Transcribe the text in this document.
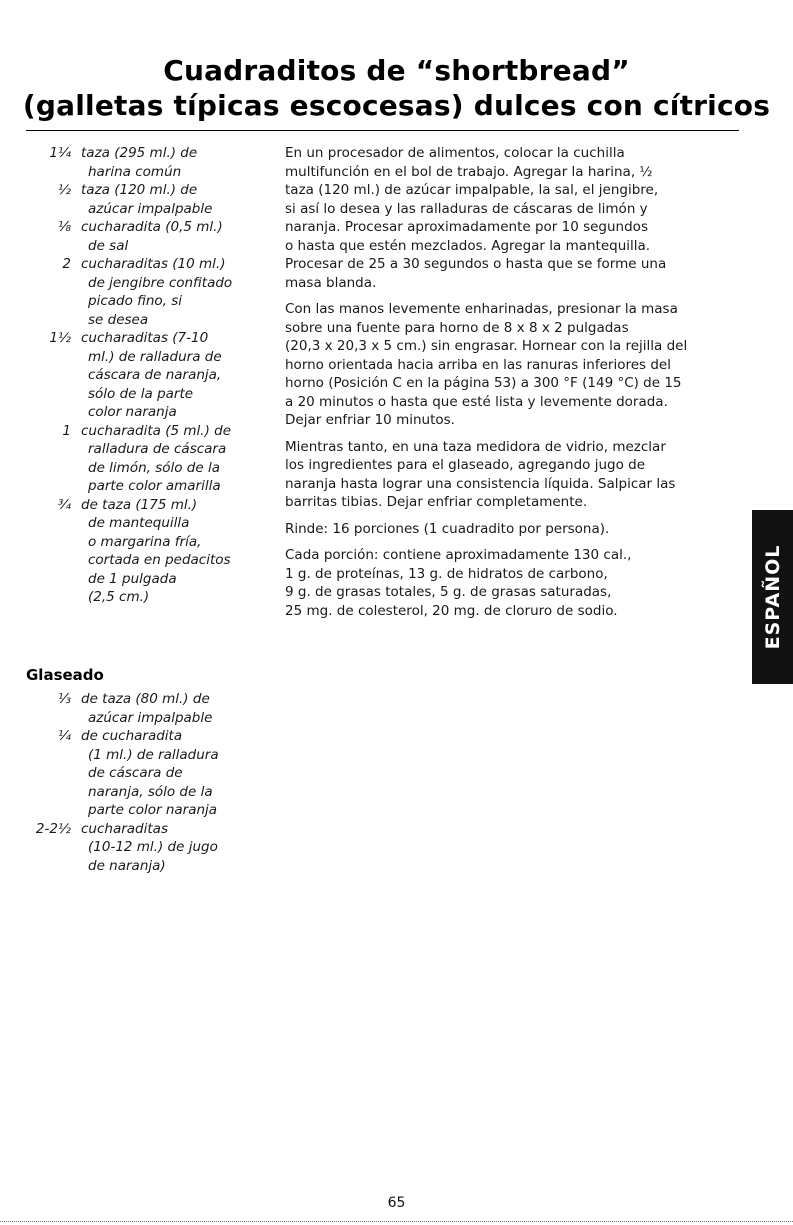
Cuadraditos de “shortbread”
(galletas típicas escocesas) dulces con cítricos
1¼ taza (295 ml.) de
harina común
½ taza (120 ml.) de
azúcar impalpable
⅛ cucharadita (0,5 ml.)
de sal
2 cucharaditas (10 ml.)
de jengibre confitado
picado fino, si
se desea
1½ cucharaditas (7-10
ml.) de ralladura de
cáscara de naranja,
sólo de la parte
color naranja
1 cucharadita (5 ml.) de
ralladura de cáscara
de limón, sólo de la
parte color amarilla
¾ de taza (175 ml.)
de mantequilla
o margarina fría,
cortada en pedacitos
de 1 pulgada
(2,5 cm.)
Glaseado
⅓ de taza (80 ml.) de
azúcar impalpable
¼ de cucharadita
(1 ml.) de ralladura
de cáscara de
naranja, sólo de la
parte color naranja
2-2½ cucharaditas
(10-12 ml.) de jugo
de naranja)
En un procesador de alimentos, colocar la cuchilla
multifunción en el bol de trabajo. Agregar la harina, ½
taza (120 ml.) de azúcar impalpable, la sal, el jengibre,
si así lo desea y las ralladuras de cáscaras de limón y
naranja. Procesar aproximadamente por 10 segundos
o hasta que estén mezclados. Agregar la mantequilla.
Procesar de 25 a 30 segundos o hasta que se forme una
masa blanda.
Con las manos levemente enharinadas, presionar la masa
sobre una fuente para horno de 8 x 8 x 2 pulgadas
(20,3 x 20,3 x 5 cm.) sin engrasar. Hornear con la rejilla del
horno orientada hacia arriba en las ranuras inferiores del
horno (Posición C en la página 53) a 300 °F (149 °C) de 15
a 20 minutos o hasta que esté lista y levemente dorada.
Dejar enfriar 10 minutos.
Mientras tanto, en una taza medidora de vidrio, mezclar
los ingredientes para el glaseado, agregando jugo de
naranja hasta lograr una consistencia líquida. Salpicar las
barritas tibias. Dejar enfriar completamente.
Rinde: 16 porciones (1 cuadradito por persona).
Cada porción: contiene aproximadamente 130 cal.,
1 g. de proteínas, 13 g. de hidratos de carbono,
9 g. de grasas totales, 5 g. de grasas saturadas,
25 mg. de colesterol, 20 mg. de cloruro de sodio.	ESPAÑOL
65
